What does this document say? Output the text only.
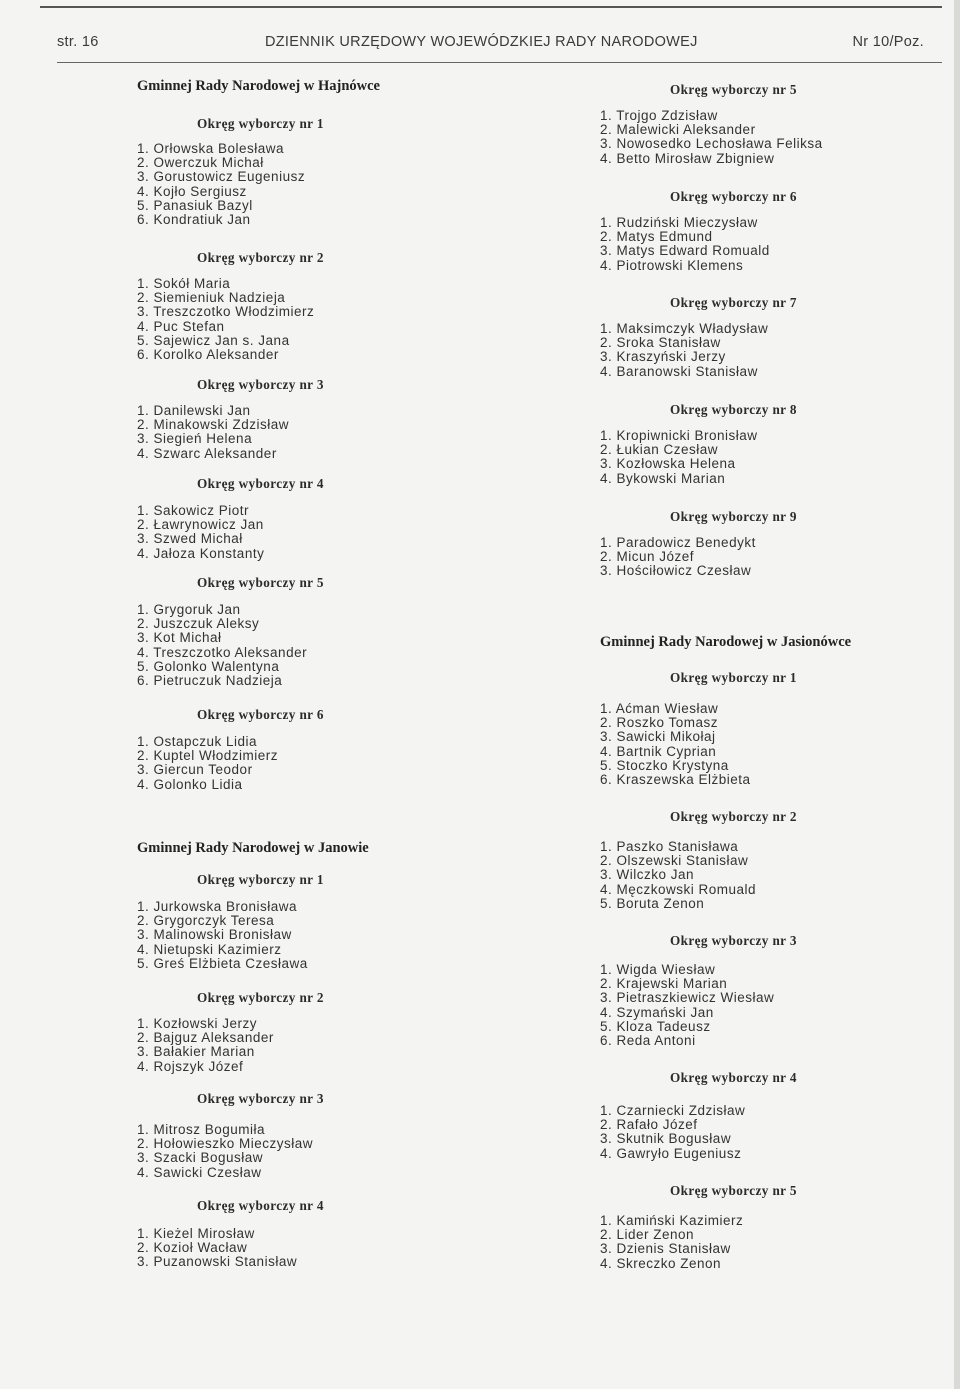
str. 16	DZIENNIK URZĘDOWY WOJEWÓDZKIEJ RADY NARODOWEJ	Nr 10/Poz.
Gminnej Rady Narodowej w Hajnówce
Okręg wyborczy nr 1
1. Orłowska Bolesława
2. Owerczuk Michał
3. Gorustowicz Eugeniusz
4. Kojło Sergiusz
5. Panasiuk Bazyl
6. Kondratiuk Jan
Okręg wyborczy nr 2
1. Sokół Maria
2. Siemieniuk Nadzieja
3. Treszczotko Włodzimierz
4. Puc Stefan
5. Sajewicz Jan s. Jana
6. Korolko Aleksander
Okręg wyborczy nr 3
1. Danilewski Jan
2. Minakowski Zdzisław
3. Siegień Helena
4. Szwarc Aleksander
Okręg wyborczy nr 4
1. Sakowicz Piotr
2. Ławrynowicz Jan
3. Szwed Michał
4. Jałoza Konstanty
Okręg wyborczy nr 5
1. Grygoruk Jan
2. Juszczuk Aleksy
3. Kot Michał
4. Treszczotko Aleksander
5. Golonko Walentyna
6. Pietruczuk Nadzieja
Okręg wyborczy nr 6
1. Ostapczuk Lidia
2. Kuptel Włodzimierz
3. Giercun Teodor
4. Golonko Lidia
Gminnej Rady Narodowej w Janowie
Okręg wyborczy nr 1
1. Jurkowska Bronisława
2. Grygorczyk Teresa
3. Malinowski Bronisław
4. Nietupski Kazimierz
5. Greś Elżbieta Czesława
Okręg wyborczy nr 2
1. Kozłowski Jerzy
2. Bajguz Aleksander
3. Bałakier Marian
4. Rojszyk Józef
Okręg wyborczy nr 3
1. Mitrosz Bogumiła
2. Hołowieszko Mieczysław
3. Szacki Bogusław
4. Sawicki Czesław
Okręg wyborczy nr 4
1. Kieżel Mirosław
2. Kozioł Wacław
3. Puzanowski Stanisław
Okręg wyborczy nr 5
1. Trojgo Zdzisław
2. Malewicki Aleksander
3. Nowosedko Lechosława Feliksa
4. Betto Mirosław Zbigniew
Okręg wyborczy nr 6
1. Rudziński Mieczysław
2. Matys Edmund
3. Matys Edward Romuald
4. Piotrowski Klemens
Okręg wyborczy nr 7
1. Maksimczyk Władysław
2. Sroka Stanisław
3. Kraszyński Jerzy
4. Baranowski Stanisław
Okręg wyborczy nr 8
1. Kropiwnicki Bronisław
2. Łukian Czesław
3. Kozłowska Helena
4. Bykowski Marian
Okręg wyborczy nr 9
1. Paradowicz Benedykt
2. Micun Józef
3. Hościłowicz Czesław
Gminnej Rady Narodowej w Jasionówce
Okręg wyborczy nr 1
1. Aćman Wiesław
2. Roszko Tomasz
3. Sawicki Mikołaj
4. Bartnik Cyprian
5. Stoczko Krystyna
6. Kraszewska Elżbieta
Okręg wyborczy nr 2
1. Paszko Stanisława
2. Olszewski Stanisław
3. Wilczko Jan
4. Męczkowski Romuald
5. Boruta Zenon
Okręg wyborczy nr 3
1. Wigda Wiesław
2. Krajewski Marian
3. Pietraszkiewicz Wiesław
4. Szymański Jan
5. Kloza Tadeusz
6. Reda Antoni
Okręg wyborczy nr 4
1. Czarniecki Zdzisław
2. Rafało Józef
3. Skutnik Bogusław
4. Gawryło Eugeniusz
Okręg wyborczy nr 5
1. Kamiński Kazimierz
2. Lider Zenon
3. Dzienis Stanisław
4. Skreczko Zenon
